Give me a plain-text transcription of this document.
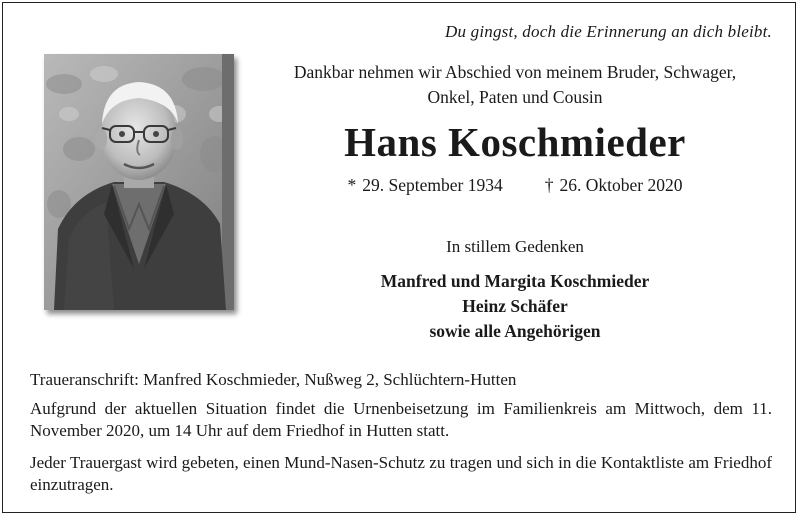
Du gingst, doch die Erinnerung an dich bleibt.
Dankbar nehmen wir Abschied von meinem Bruder, Schwager,
Onkel, Paten und Cousin
Hans Koschmieder
* 29. September 1934 † 26. Oktober 2020
In stillem Gedenken
Manfred und Margita Koschmieder
Heinz Schäfer
sowie alle Angehörigen

Traueranschrift: Manfred Koschmieder, Nußweg 2, Schlüchtern-Hutten

Aufgrund der aktuellen Situation findet die Urnenbeisetzung im Familienkreis am Mittwoch, dem 11. November 2020, um 14 Uhr auf dem Friedhof in Hutten statt.

Jeder Trauergast wird gebeten, einen Mund-Nasen-Schutz zu tragen und sich in die Kontaktliste am Friedhof einzutragen.
